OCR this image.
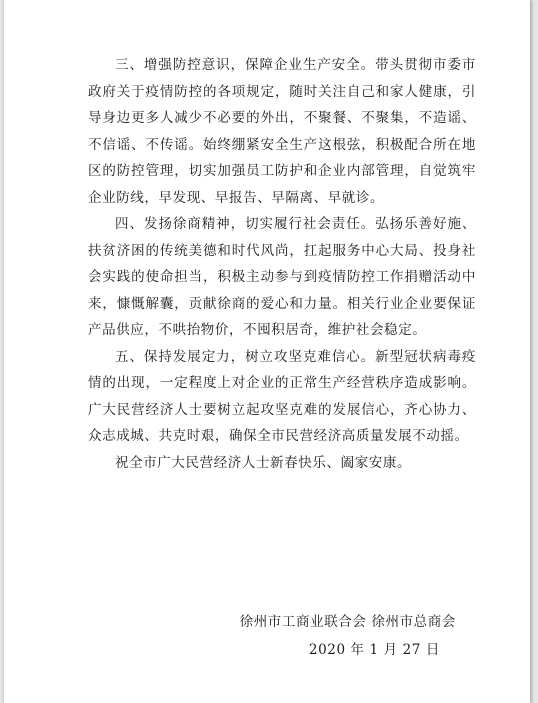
三、增强防控意识，保障企业生产安全。带头贯彻市委市政府关于疫情防控的各项规定，随时关注自己和家人健康，引导身边更多人减少不必要的外出，不聚餐、不聚集，不造谣、不信谣、不传谣。始终绷紧安全生产这根弦，积极配合所在地区的防控管理，切实加强员工防护和企业内部管理，自觉筑牢企业防线，早发现、早报告、早隔离、早就诊。

四、发扬徐商精神，切实履行社会责任。弘扬乐善好施、扶贫济困的传统美德和时代风尚，扛起服务中心大局、投身社会实践的使命担当，积极主动参与到疫情防控工作捐赠活动中来，慷慨解囊，贡献徐商的爱心和力量。相关行业企业要保证产品供应，不哄抬物价，不囤积居奇，维护社会稳定。

五、保持发展定力，树立攻坚克难信心。新型冠状病毒疫情的出现，一定程度上对企业的正常生产经营秩序造成影响。广大民营经济人士要树立起攻坚克难的发展信心，齐心协力、众志成城、共克时艰，确保全市民营经济高质量发展不动摇。

祝全市广大民营经济人士新春快乐、阖家安康。

徐州市工商业联合会 徐州市总商会
2020 年 1 月 27 日
